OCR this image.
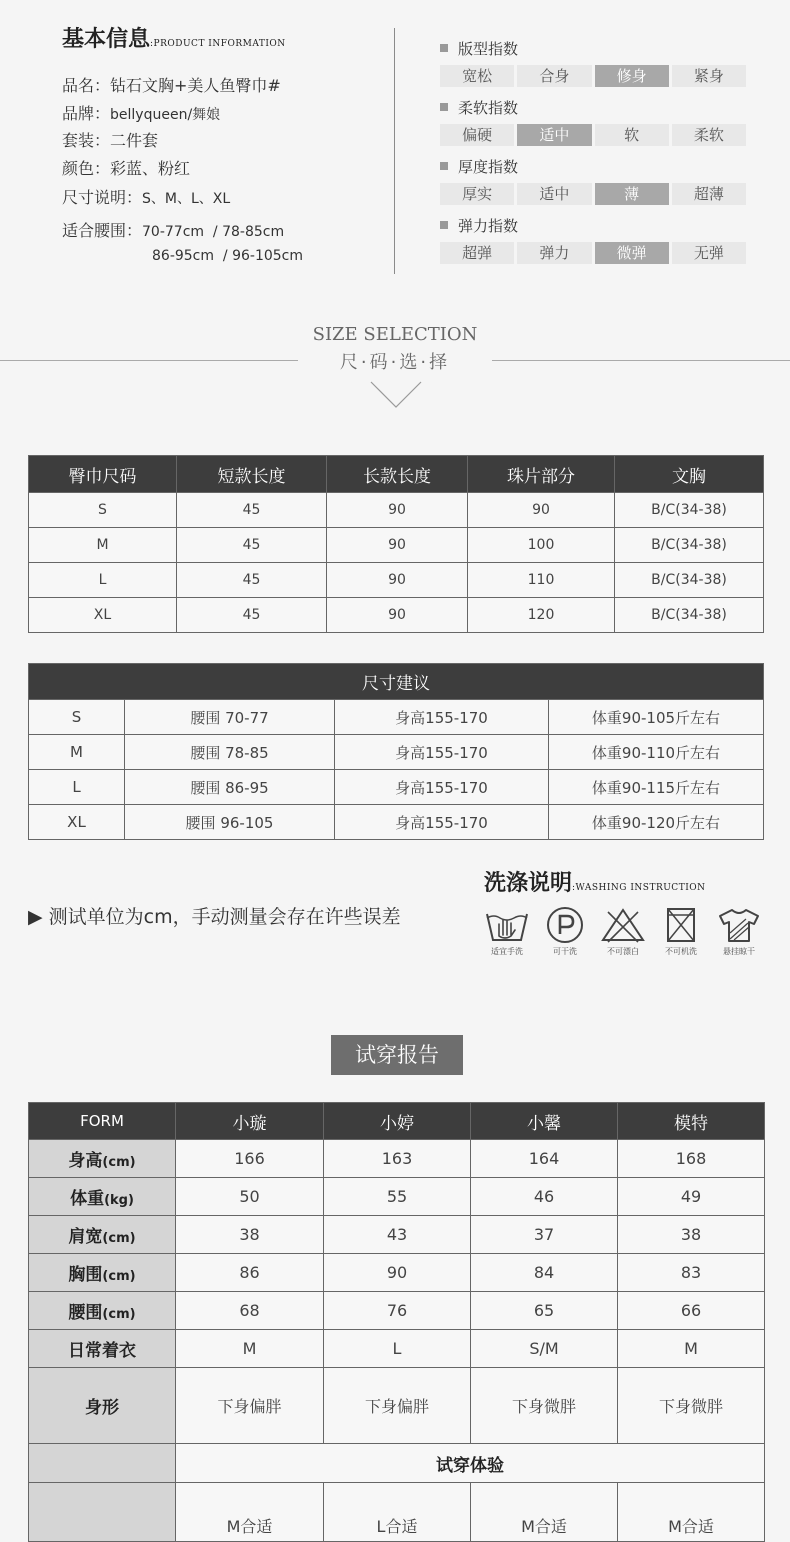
基本信息:PRODUCT INFORMATION
品名：钻石文胸+美人鱼臀巾#
品牌：bellyqueen/舞娘
套装：二件套
颜色：彩蓝、粉红
尺寸说明：S、M、L、XL
适合腰围：70-77cm  / 78-85cm
86-95cm  / 96-105cm
版型指数
宽松	合身	修身	紧身
柔软指数
偏硬	适中	软	柔软
厚度指数
厚实	适中	薄	超薄
弹力指数
超弹	弹力	微弹	无弹
SIZE SELECTION
尺·码·选·择
臀巾尺码	短款长度	长款长度	珠片部分	文胸
S	45	90	90	B/C(34-38)
M	45	90	100	B/C(34-38)
L	45	90	110	B/C(34-38)
XL	45	90	120	B/C(34-38)
尺寸建议			
S	腰围 70-77	身高155-170	体重90-105斤左右
M	腰围 78-85	身高155-170	体重90-110斤左右
L	腰围 86-95	身高155-170	体重90-115斤左右
XL	腰围 96-105	身高155-170	体重90-120斤左右
▶ 测试单位为cm，手动测量会存在许些误差
洗涤说明:WASHING INSTRUCTION
适宜手洗	可干洗	不可漂白	不可机洗	悬挂晾干
试穿报告
FORM	小璇	小婷	小馨	模特
身高(cm)	166	163	164	168
体重(kg)	50	55	46	49
肩宽(cm)	38	43	37	38
胸围(cm)	86	90	84	83
腰围(cm)	68	76	65	66
日常着衣	M	L	S/M	M
身形	下身偏胖	下身偏胖	下身微胖	下身微胖
	试穿体验			
	M合适	L合适	M合适	M合适
